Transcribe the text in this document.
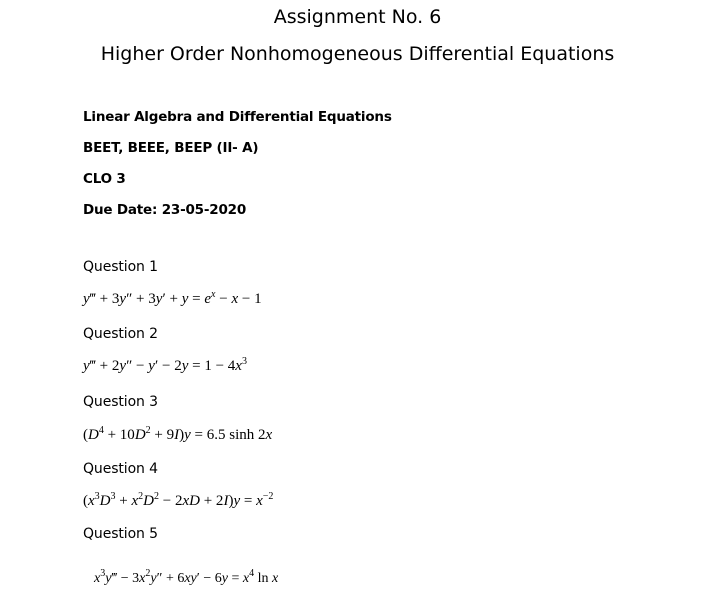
Assignment No. 6
Higher Order Nonhomogeneous Differential Equations
Linear Algebra and Differential Equations
BEET, BEEE, BEEP (II- A)
CLO 3
Due Date: 23-05-2020
Question 1
y‴ + $3y'' + 3y' + y = e^x - x - 1$
Question 2
y‴ + $2y'' - y' - 2y = 1 - 4x^3$
Question 3
$(D^4 + 10D^2 + 9I)y = 6.5$ sinh 2x
Question 4
$(x^3D^3 + x^2D^2 - 2xD + 2I)y = x^{-2}$
Question 5
$x^3y‴ - 3x^2y'' + 6xy' - 6y = x^4$ ln x
